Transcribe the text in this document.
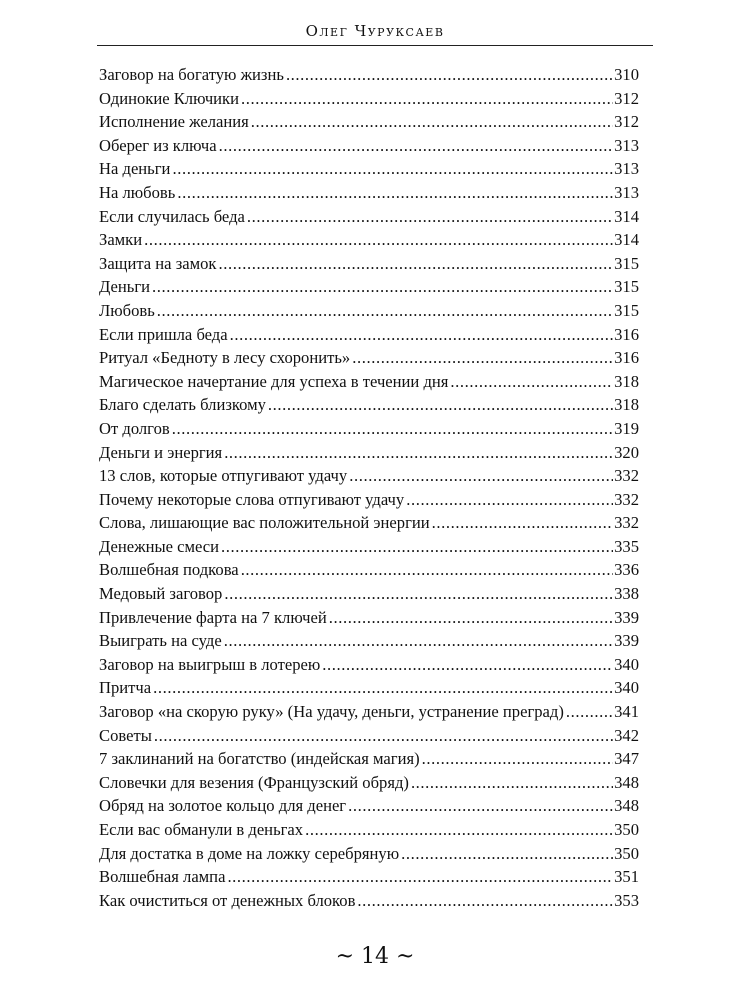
Олег Чуруксаев
Заговор на богатую жизнь .....	310
Одинокие Ключики .....	312
Исполнение желания .....	312
Оберег из ключа .....	313
На деньги .....	313
На любовь .....	313
Если случилась беда .....	314
Замки .....	314
Защита на замок .....	315
Деньги .....	315
Любовь .....	315
Если пришла беда .....	316
Ритуал «Бедноту в лесу схоронить» .....	316
Магическое начертание для успеха в течении дня .....	318
Благо сделать близкому .....	318
От долгов .....	319
Деньги и энергия .....	320
13 слов, которые отпугивают удачу .....	332
Почему некоторые слова отпугивают удачу .....	332
Слова, лишающие вас положительной энергии .....	332
Денежные смеси .....	335
Волшебная подкова .....	336
Медовый заговор .....	338
Привлечение фарта на 7 ключей .....	339
Выиграть на суде .....	339
Заговор на выигрыш в лотерею .....	340
Притча .....	340
Заговор «на скорую руку» (На удачу, деньги, устранение преград) .....	341
Советы .....	342
7 заклинаний на богатство (индейская магия) .....	347
Словечки для везения (Французский обряд) .....	348
Обряд на золотое кольцо для денег .....	348
Если вас обманули в деньгах .....	350
Для достатка в доме на ложку серебряную .....	350
Волшебная лампа .....	351
Как очиститься от денежных блоков .....	353
~ 14 ~
